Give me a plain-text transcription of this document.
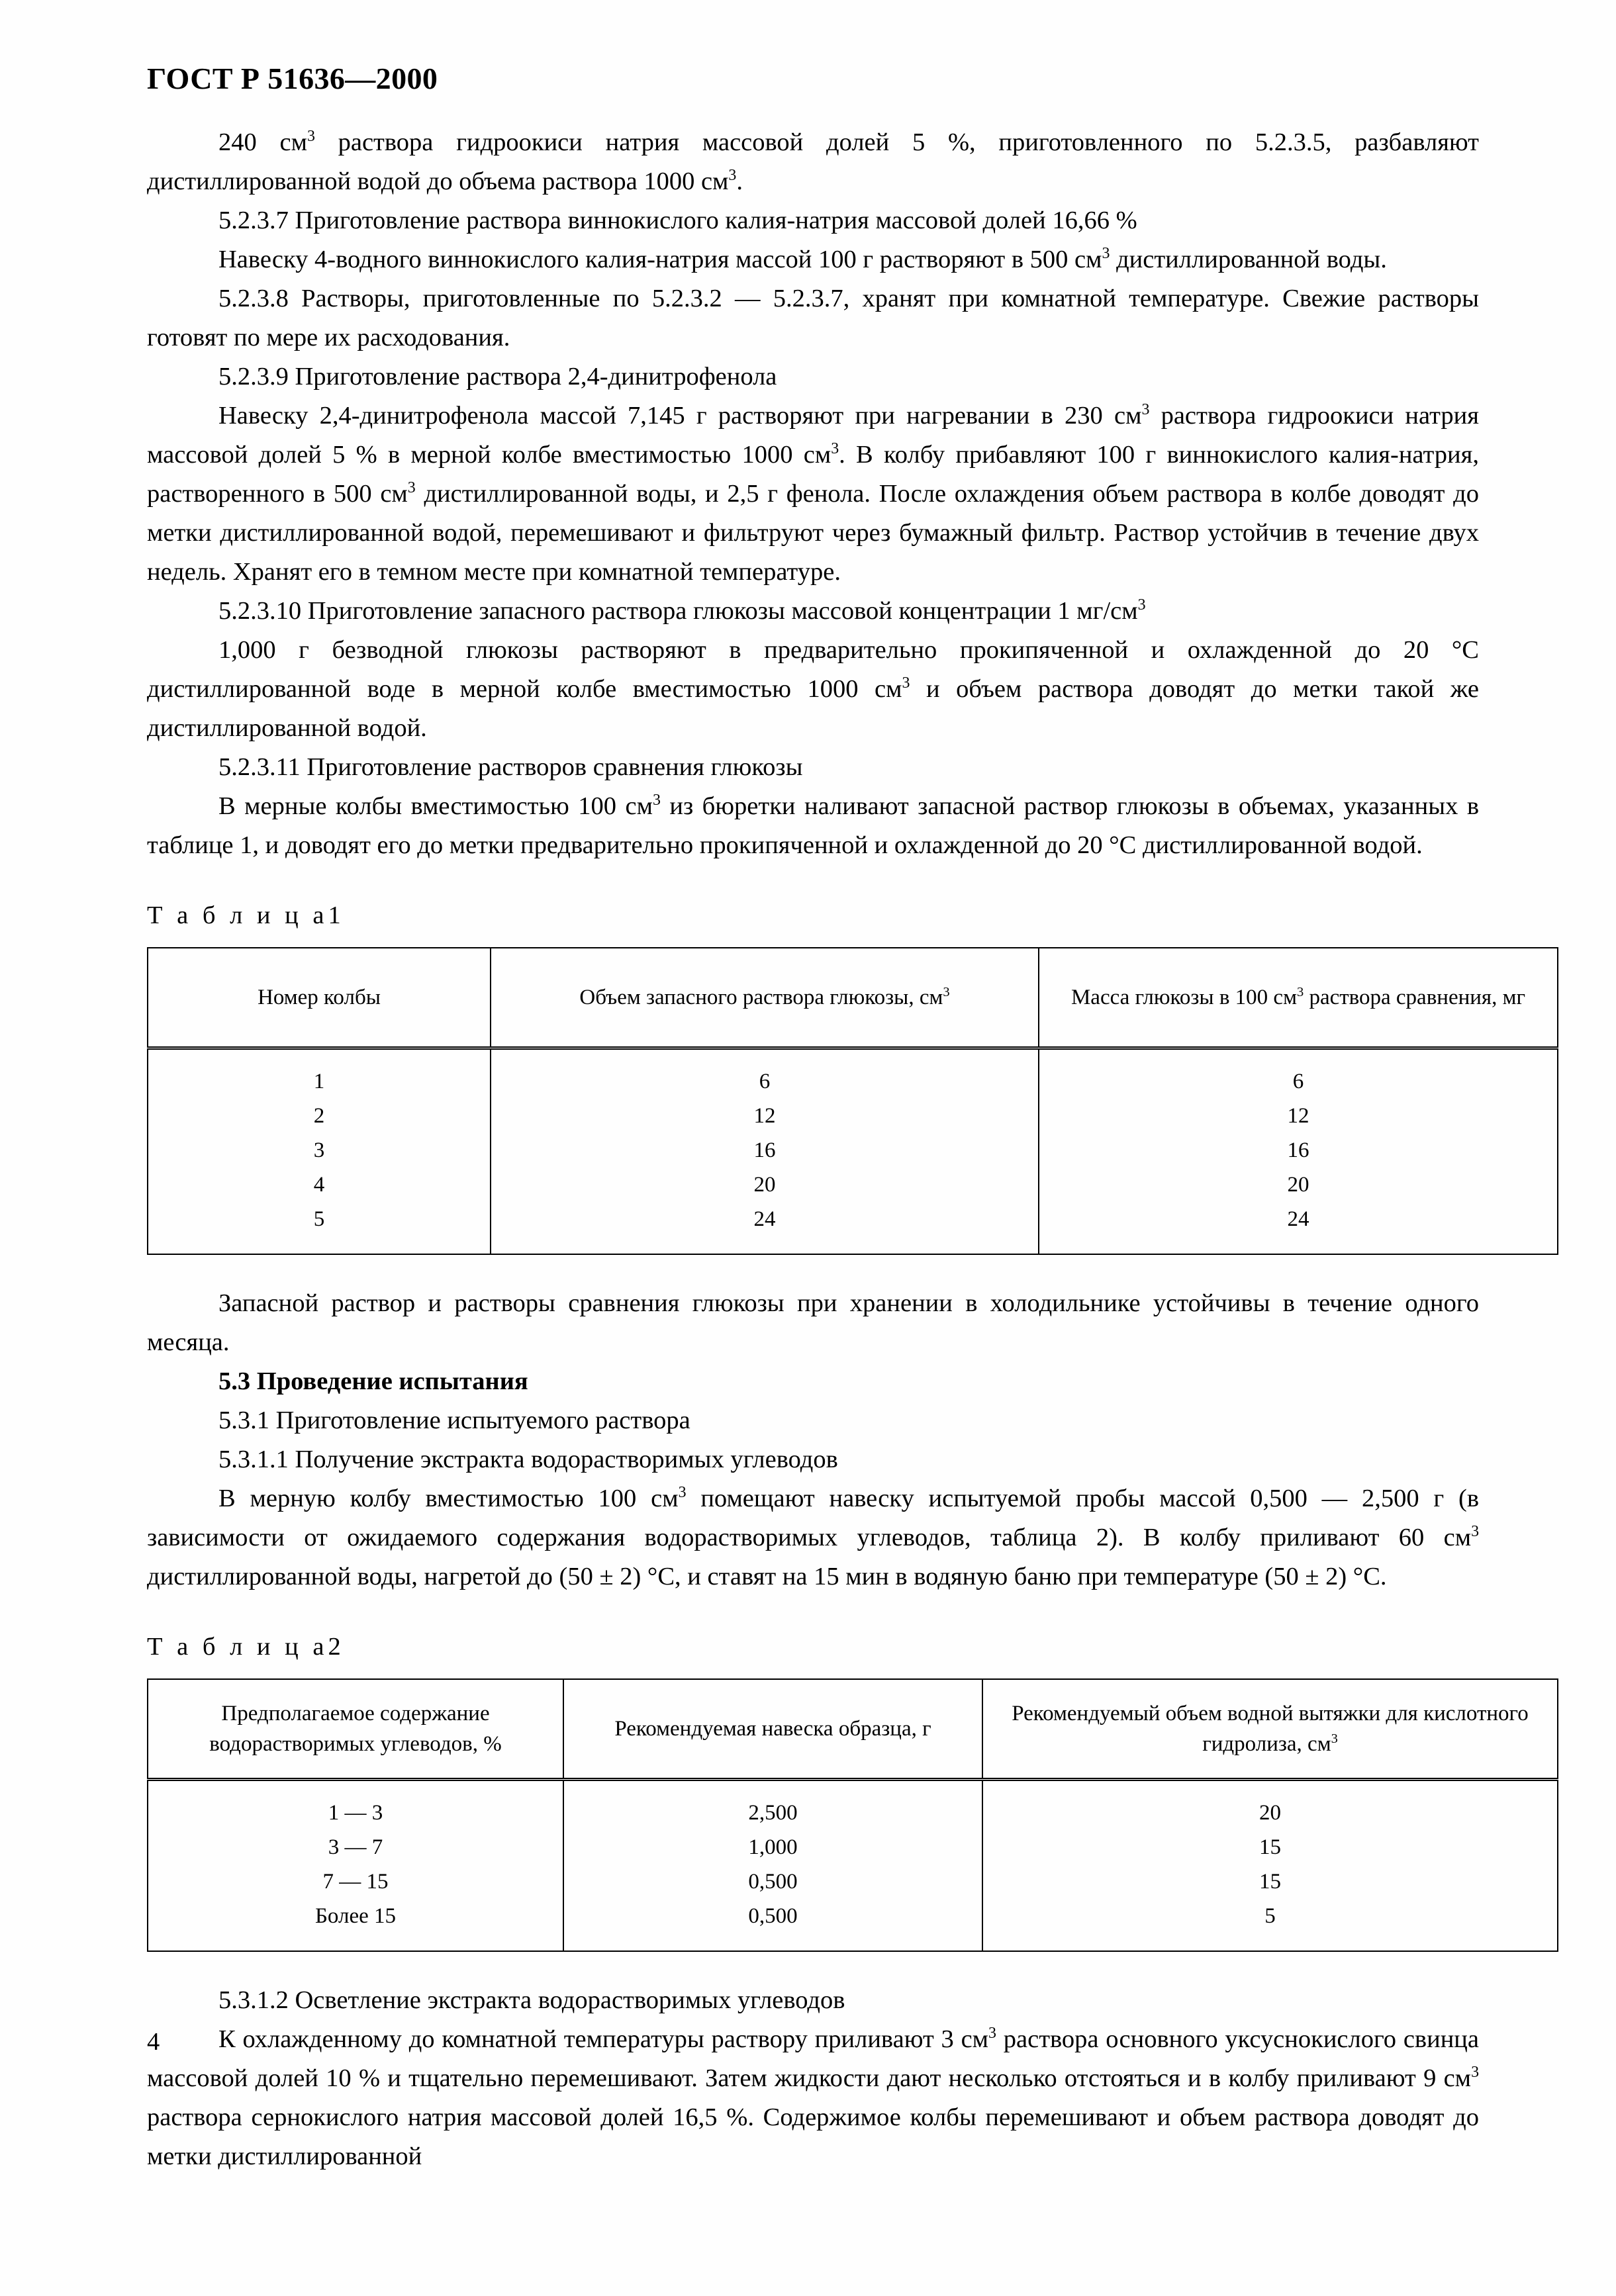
ГОСТ Р 51636—2000

240 $см^3$ раствора гидроокиси натрия массовой долей 5 %, приготовленного по 5.2.3.5, разбавляют дистиллированной водой до объема раствора 1000 $см^3$.

5.2.3.7 Приготовление раствора виннокислого калия-натрия массовой долей 16,66 %

Навеску 4-водного виннокислого калия-натрия массой 100 г растворяют в 500 $см^3$ дистиллированной воды.

5.2.3.8 Растворы, приготовленные по 5.2.3.2 — 5.2.3.7, хранят при комнатной температуре. Свежие растворы готовят по мере их расходования.

5.2.3.9 Приготовление раствора 2,4-динитрофенола

Навеску 2,4-динитрофенола массой 7,145 г растворяют при нагревании в 230 $см^3$ раствора гидроокиси натрия массовой долей 5 % в мерной колбе вместимостью 1000 $см^3$. В колбу прибавляют 100 г виннокислого калия-натрия, растворенного в 500 $см^3$ дистиллированной воды, и 2,5 г фенола. После охлаждения объем раствора в колбе доводят до метки дистиллированной водой, перемешивают и фильтруют через бумажный фильтр. Раствор устойчив в течение двух недель. Хранят его в темном месте при комнатной температуре.

5.2.3.10 Приготовление запасного раствора глюкозы массовой концентрации 1 $мг/см^3$

1,000 г безводной глюкозы растворяют в предварительно прокипяченной и охлажденной до 20 °С дистиллированной воде в мерной колбе вместимостью 1000 $см^3$ и объем раствора доводят до метки такой же дистиллированной водой.

5.2.3.11 Приготовление растворов сравнения глюкозы

В мерные колбы вместимостью 100 $см^3$ из бюретки наливают запасной раствор глюкозы в объемах, указанных в таблице 1, и доводят его до метки предварительно прокипяченной и охлажденной до 20 °С дистиллированной водой.

Т а б л и ц а1

Номер колбы	Объем запасного раствора глюкозы, $см^3$	Масса глюкозы в 100 $см^3$ раствора сравнения, мг
1	6	6
2	12	12
3	16	16
4	20	20
5	24	24

Запасной раствор и растворы сравнения глюкозы при хранении в холодильнике устойчивы в течение одного месяца.

5.3 Проведение испытания

5.3.1 Приготовление испытуемого раствора

5.3.1.1 Получение экстракта водорастворимых углеводов

В мерную колбу вместимостью 100 $см^3$ помещают навеску испытуемой пробы массой 0,500 — 2,500 г (в зависимости от ожидаемого содержания водорастворимых углеводов, таблица 2). В колбу приливают 60 $см^3$ дистиллированной воды, нагретой до (50 ± 2) °С, и ставят на 15 мин в водяную баню при температуре (50 ± 2) °С.

Т а б л и ц а2

Предполагаемое содержание водорастворимых углеводов, %	Рекомендуемая навеска образца, г	Рекомендуемый объем водной вытяжки для кислотного гидролиза, $см^3$
1 — 3	2,500	20
3 — 7	1,000	15
7 — 15	0,500	15
Более 15	0,500	5

5.3.1.2 Осветление экстракта водорастворимых углеводов

К охлажденному до комнатной температуры раствору приливают 3 $см^3$ раствора основного уксуснокислого свинца массовой долей 10 % и тщательно перемешивают. Затем жидкости дают несколько отстояться и в колбу приливают 9 $см^3$ раствора сернокислого натрия массовой долей 16,5 %. Содержимое колбы перемешивают и объем раствора доводят до метки дистиллированной

4
